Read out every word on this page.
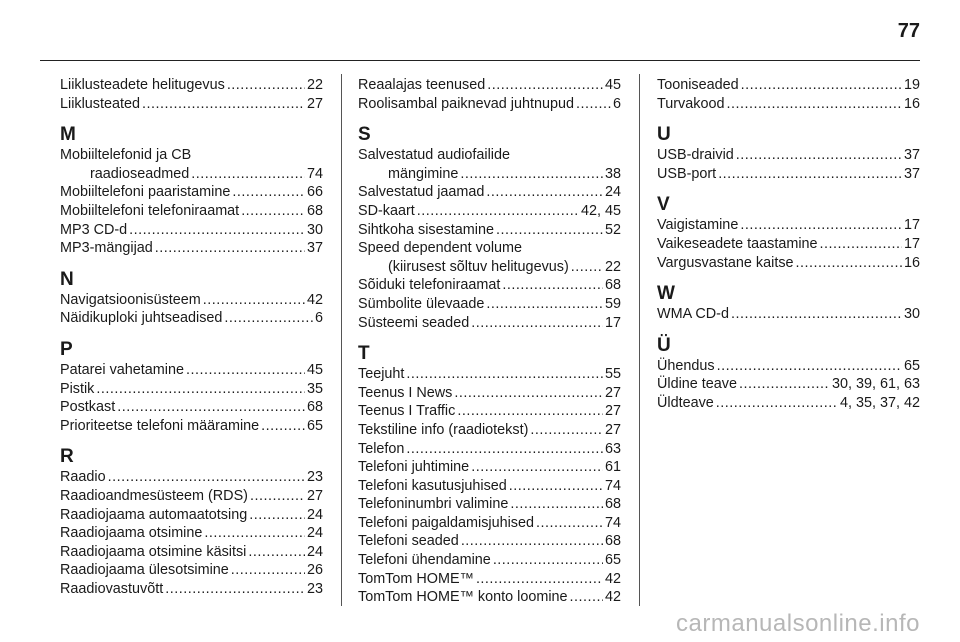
77
Liiklusteadete helitugevus .....	22
Liiklusteated .....	27
M
Mobiiltelefonid ja CB
raadioseadmed .....	74
Mobiiltelefoni paaristamine .....	66
Mobiiltelefoni telefoniraamat .....	68
MP3 CD-d .....	30
MP3-mängijad .....	37
N
Navigatsioonisüsteem .....	42
Näidikuploki juhtseadised .....	6
P
Patarei vahetamine .....	45
Pistik .....	35
Postkast .....	68
Prioriteetse telefoni määramine .....	65
R
Raadio .....	23
Raadioandmesüsteem (RDS) .....	27
Raadiojaama automaatotsing .....	24
Raadiojaama otsimine .....	24
Raadiojaama otsimine käsitsi .....	24
Raadiojaama ülesotsimine .....	26
Raadiovastuvõtt .....	23
Reaalajas teenused .....	45
Roolisambal paiknevad juhtnupud .....	6
S
Salvestatud audiofailide
mängimine .....	38
Salvestatud jaamad .....	24
SD-kaart .....	42, 45
Sihtkoha sisestamine .....	52
Speed dependent volume
(kiirusest sõltuv helitugevus) .....	22
Sõiduki telefoniraamat .....	68
Sümbolite ülevaade .....	59
Süsteemi seaded .....	17
T
Teejuht .....	55
Teenus I News .....	27
Teenus I Traffic .....	27
Tekstiline info (raadiotekst) .....	27
Telefon .....	63
Telefoni juhtimine .....	61
Telefoni kasutusjuhised .....	74
Telefoninumbri valimine .....	68
Telefoni paigaldamisjuhised .....	74
Telefoni seaded .....	68
Telefoni ühendamine .....	65
TomTom HOME™ .....	42
TomTom HOME™ konto loomine .....	42
Tooniseaded .....	19
Turvakood .....	16
U
USB-draivid .....	37
USB-port .....	37
V
Vaigistamine .....	17
Vaikeseadete taastamine .....	17
Vargusvastane kaitse .....	16
W
WMA CD-d .....	30
Ü
Ühendus .....	65
Üldine teave .....	30, 39, 61, 63
Üldteave .....	4, 35, 37, 42
carmanualsonline.info
